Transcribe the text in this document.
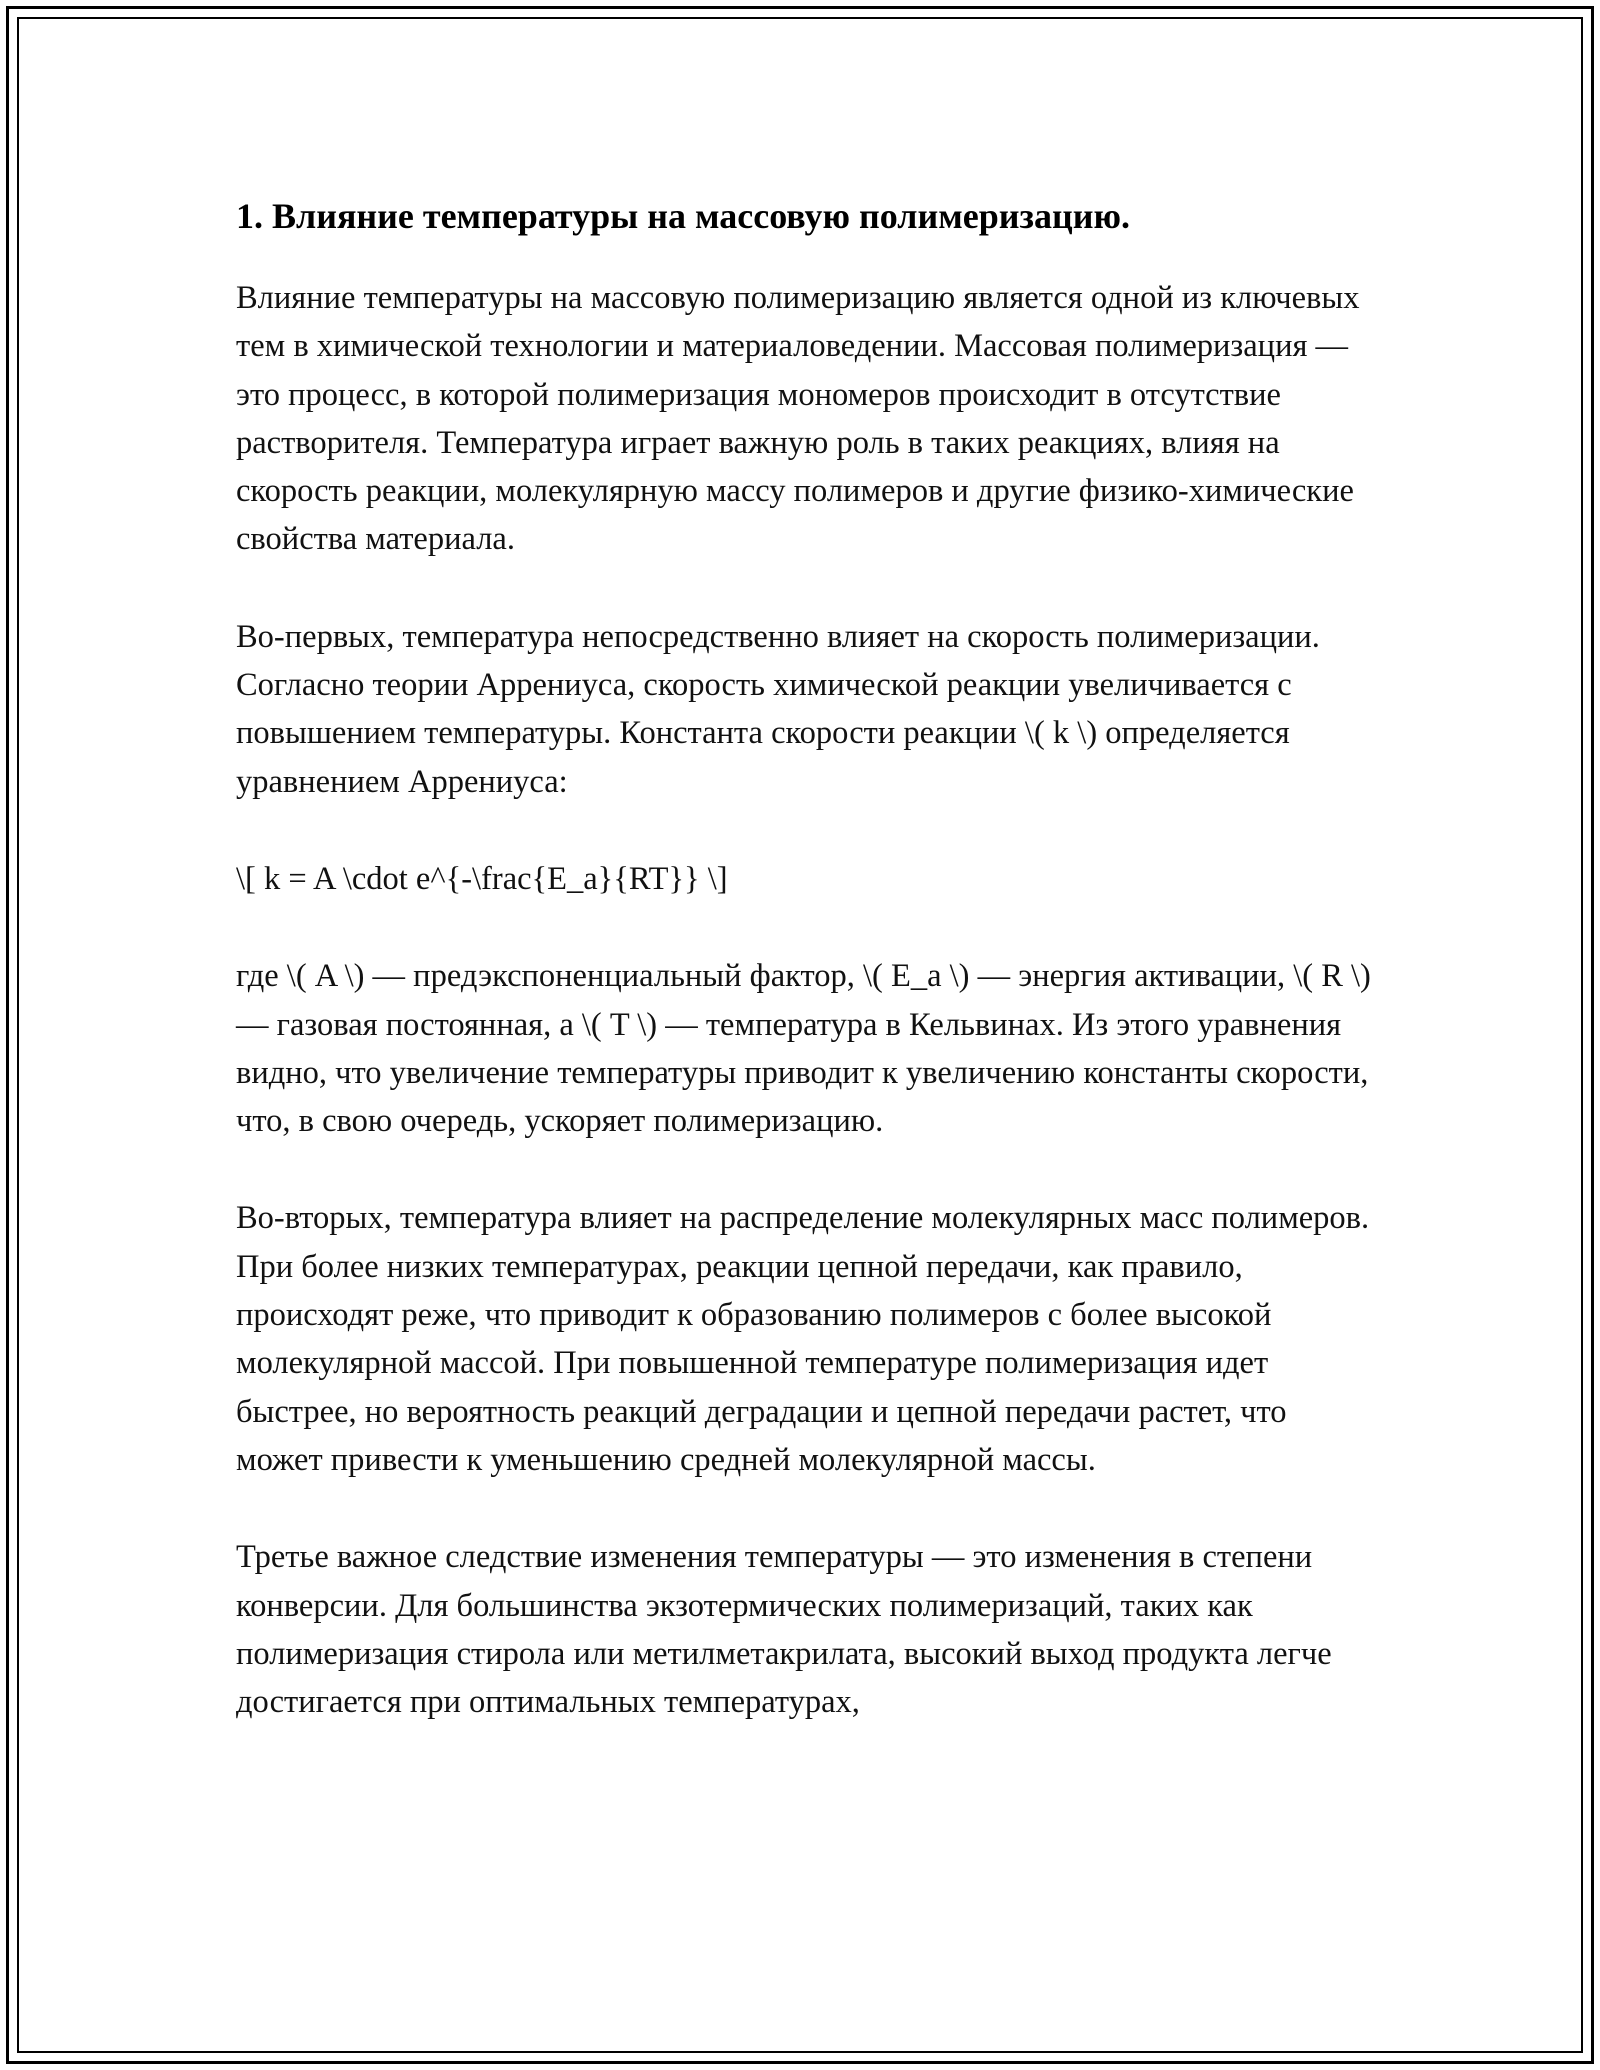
1. Влияние температуры на массовую полимеризацию.

Влияние температуры на массовую полимеризацию является одной из ключевых тем в химической технологии и материаловедении. Массовая полимеризация — это процесс, в которой полимеризация мономеров происходит в отсутствие растворителя. Температура играет важную роль в таких реакциях, влияя на скорость реакции, молекулярную массу полимеров и другие физико-химические свойства материала.

Во-первых, температура непосредственно влияет на скорость полимеризации. Согласно теории Аррениуса, скорость химической реакции увеличивается с повышением температуры. Константа скорости реакции \( k \) определяется уравнением Аррениуса:

\[ k = A \cdot e^{-\frac{E_a}{RT}} \]

где \( A \) — предэкспоненциальный фактор, \( E_a \) — энергия активации, \( R \) — газовая постоянная, а \( T \) — температура в Кельвинах. Из этого уравнения видно, что увеличение температуры приводит к увеличению константы скорости, что, в свою очередь, ускоряет полимеризацию.

Во-вторых, температура влияет на распределение молекулярных масс полимеров. При более низких температурах, реакции цепной передачи, как правило, происходят реже, что приводит к образованию полимеров с более высокой молекулярной массой. При повышенной температуре полимеризация идет быстрее, но вероятность реакций деградации и цепной передачи растет, что может привести к уменьшению средней молекулярной массы.

Третье важное следствие изменения температуры — это изменения в степени конверсии. Для большинства экзотермических полимеризаций, таких как полимеризация стирола или метилметакрилата, высокий выход продукта легче достигается при оптимальных температурах,
